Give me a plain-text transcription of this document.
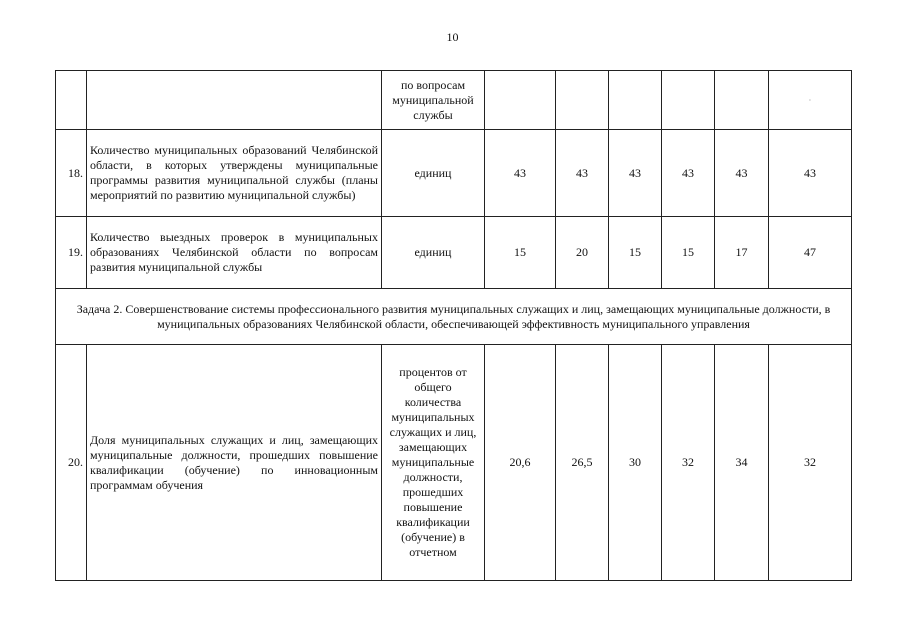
10
		по вопросам муниципальной службы						·
18.	Количество муниципальных образований Челябинской области, в которых утверждены муниципальные программы развития муниципальной службы (планы мероприятий по развитию муниципальной службы)	единиц	43	43	43	43	43	43
19.	Количество выездных проверок в муниципальных образованиях Челябинской области по вопросам развития муниципальной службы	единиц	15	20	15	15	17	47
Задача 2. Совершенствование системы профессионального развития муниципальных служащих и лиц, замещающих муниципальные должности, в муниципальных образованиях Челябинской области, обеспечивающей эффективность муниципального управления								
20.	Доля муниципальных служащих и лиц, замещающих муниципальные должности, прошедших повышение квалификации (обучение) по инновационным программам обучения	процентов от общего количества муниципальных служащих и лиц, замещающих муниципальные должности, прошедших повышение квалификации (обучение) в отчетном	20,6	26,5	30	32	34	32
